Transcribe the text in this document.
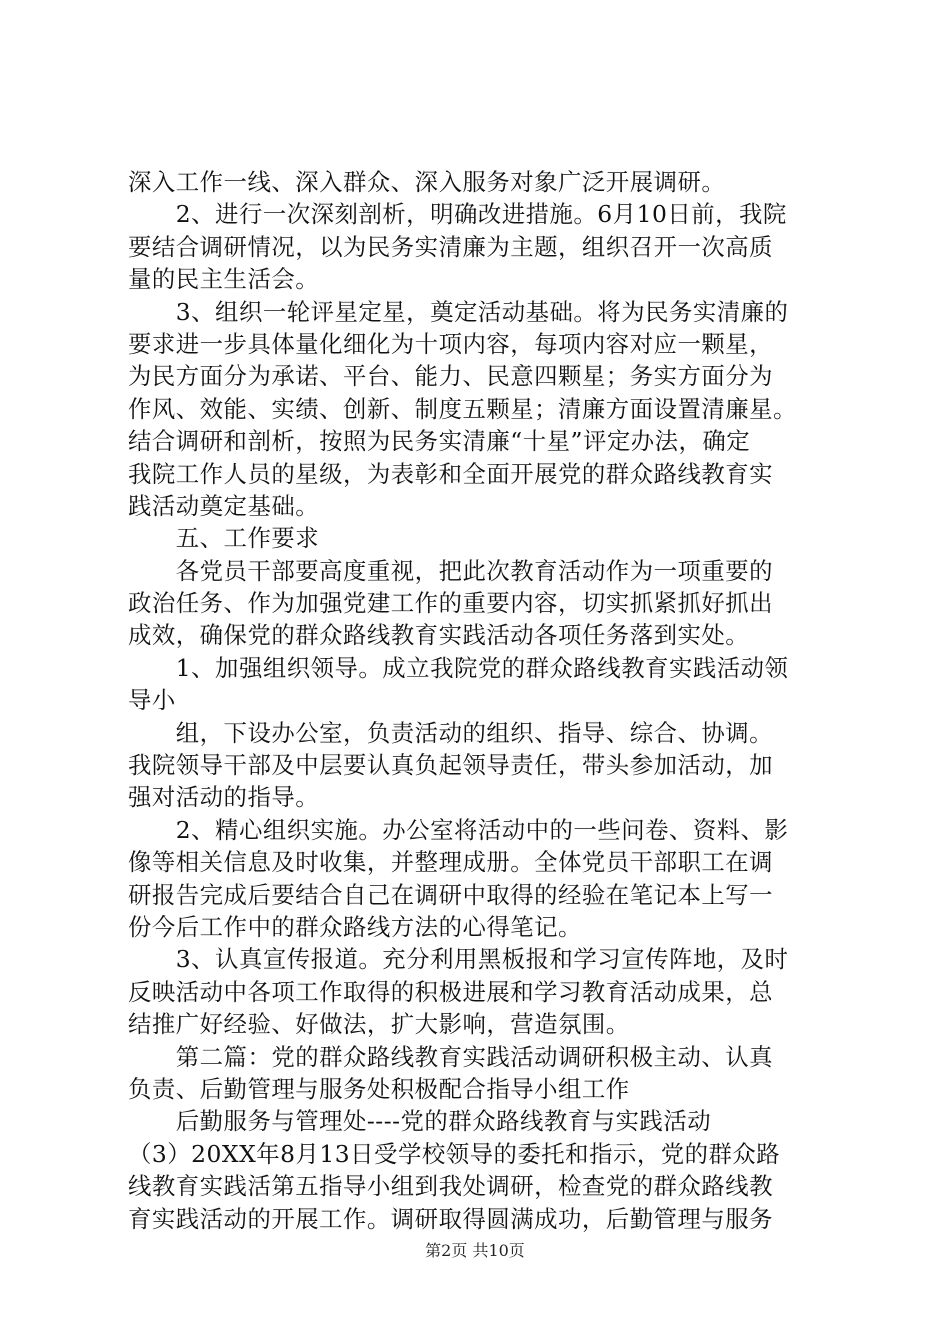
深入工作一线、深入群众、深入服务对象广泛开展调研。
　　2、进行一次深刻剖析，明确改进措施。6月10日前，我院
要结合调研情况，以为民务实清廉为主题，组织召开一次高质
量的民主生活会。
　　3、组织一轮评星定星，奠定活动基础。将为民务实清廉的
要求进一步具体量化细化为十项内容，每项内容对应一颗星，
为民方面分为承诺、平台、能力、民意四颗星；务实方面分为
作风、效能、实绩、创新、制度五颗星；清廉方面设置清廉星。
结合调研和剖析，按照为民务实清廉“十星”评定办法，确定
我院工作人员的星级，为表彰和全面开展党的群众路线教育实
践活动奠定基础。
　　五、工作要求
　　各党员干部要高度重视，把此次教育活动作为一项重要的
政治任务、作为加强党建工作的重要内容，切实抓紧抓好抓出
成效，确保党的群众路线教育实践活动各项任务落到实处。
　　1、加强组织领导。成立我院党的群众路线教育实践活动领
导小
　　组，下设办公室，负责活动的组织、指导、综合、协调。
我院领导干部及中层要认真负起领导责任，带头参加活动，加
强对活动的指导。
　　2、精心组织实施。办公室将活动中的一些问卷、资料、影
像等相关信息及时收集，并整理成册。全体党员干部职工在调
研报告完成后要结合自己在调研中取得的经验在笔记本上写一
份今后工作中的群众路线方法的心得笔记。
　　3、认真宣传报道。充分利用黑板报和学习宣传阵地，及时
反映活动中各项工作取得的积极进展和学习教育活动成果，总
结推广好经验、好做法，扩大影响，营造氛围。
　　第二篇：党的群众路线教育实践活动调研积极主动、认真
负责、后勤管理与服务处积极配合指导小组工作
　　后勤服务与管理处----党的群众路线教育与实践活动
（3）20XX年8月13日受学校领导的委托和指示，党的群众路
线教育实践活第五指导小组到我处调研，检查党的群众路线教
育实践活动的开展工作。调研取得圆满成功，后勤管理与服务
第2页 共10页
